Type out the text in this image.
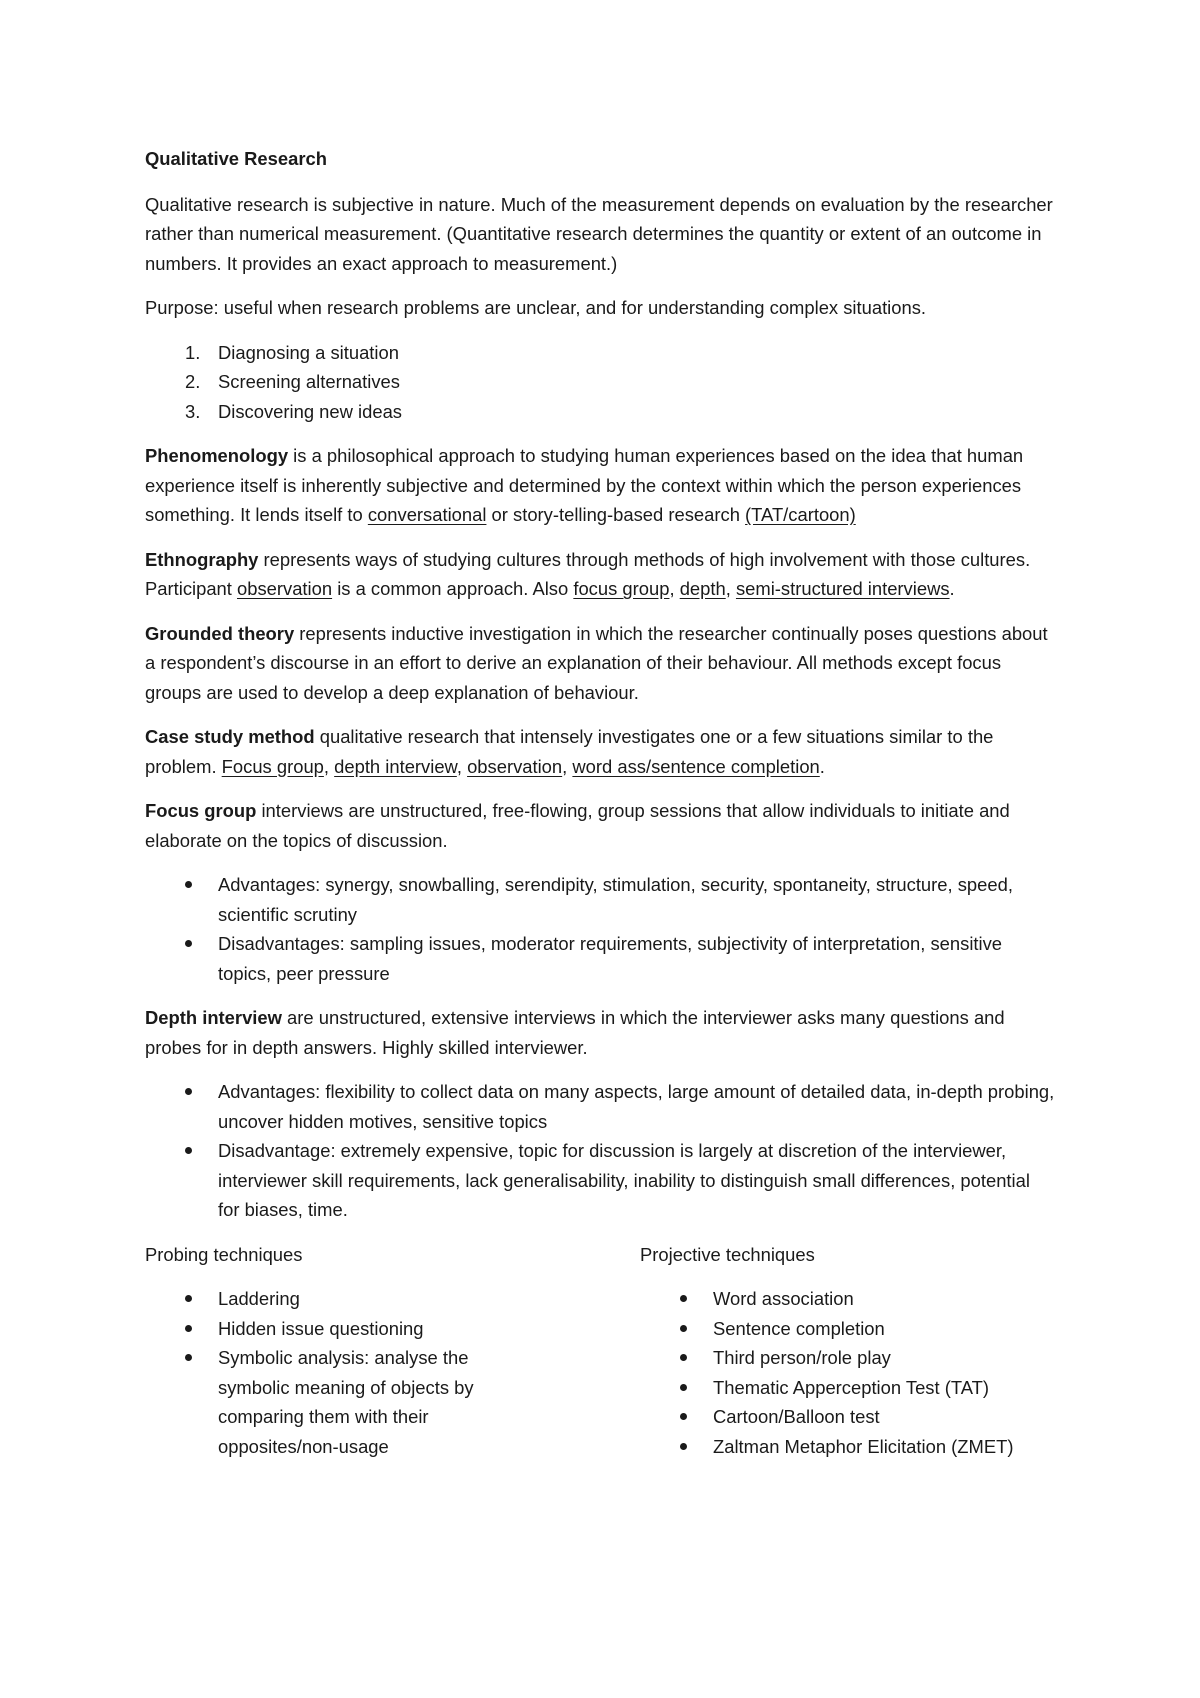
Qualitative Research

Qualitative research is subjective in nature. Much of the measurement depends on evaluation by the researcher rather than numerical measurement. (Quantitative research determines the quantity or extent of an outcome in numbers. It provides an exact approach to measurement.)

Purpose: useful when research problems are unclear, and for understanding complex situations.

1. Diagnosing a situation
2. Screening alternatives
3. Discovering new ideas

Phenomenology is a philosophical approach to studying human experiences based on the idea that human experience itself is inherently subjective and determined by the context within which the person experiences something. It lends itself to conversational or story-telling-based research (TAT/cartoon)

Ethnography represents ways of studying cultures through methods of high involvement with those cultures. Participant observation is a common approach. Also focus group, depth, semi-structured interviews.

Grounded theory represents inductive investigation in which the researcher continually poses questions about a respondent’s discourse in an effort to derive an explanation of their behaviour. All methods except focus groups are used to develop a deep explanation of behaviour.

Case study method qualitative research that intensely investigates one or a few situations similar to the problem. Focus group, depth interview, observation, word ass/sentence completion.

Focus group interviews are unstructured, free-flowing, group sessions that allow individuals to initiate and elaborate on the topics of discussion.

Advantages: synergy, snowballing, serendipity, stimulation, security, spontaneity, structure, speed, scientific scrutiny
Disadvantages: sampling issues, moderator requirements, subjectivity of interpretation, sensitive topics, peer pressure

Depth interview are unstructured, extensive interviews in which the interviewer asks many questions and probes for in depth answers. Highly skilled interviewer.

Advantages: flexibility to collect data on many aspects, large amount of detailed data, in-depth probing, uncover hidden motives, sensitive topics
Disadvantage: extremely expensive, topic for discussion is largely at discretion of the interviewer, interviewer skill requirements, lack generalisability, inability to distinguish small differences, potential for biases, time.

Probing techniques

Laddering
Hidden issue questioning
Symbolic analysis: analyse the symbolic meaning of objects by comparing them with their opposites/non-usage

Projective techniques

Word association
Sentence completion
Third person/role play
Thematic Apperception Test (TAT)
Cartoon/Balloon test
Zaltman Metaphor Elicitation (ZMET)
